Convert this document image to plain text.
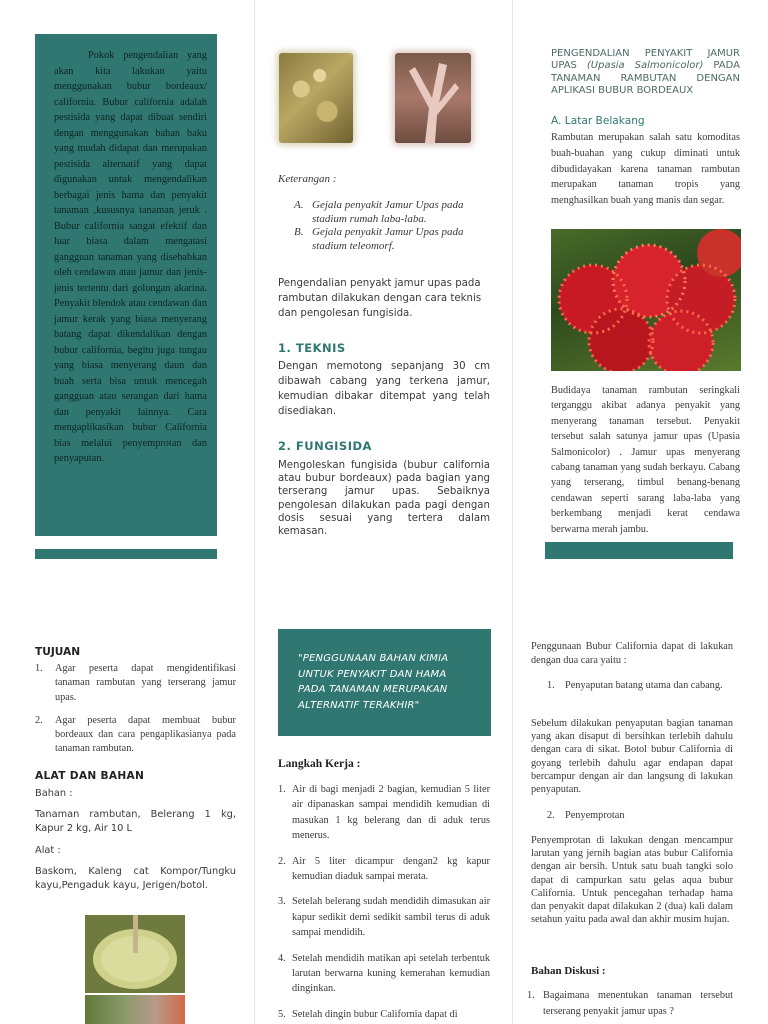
Pokok pengendalian yang akan kita lakukan yaitu menggunakan bubur bordeaux/ california. Bubur california adalah pestisida yang dapat dibuat sendiri dengan menggunakan bahan baku yang mudah didapat dan merupakan pestisida alternatif yang dapat digunakan untuk mengendalikan berbagai jenis hama dan penyakit tanaman ,kususnya tanaman jeruk . Bubur california sangat efektif dan luar biasa dalam mengatasi gangguan tanaman yang disebabkan oleh cendawan atau jamur dan jenis-jenis tertentu dari golongan akarina. Penyakit blendok atau cendawan dan jamur kerak yang biasa menyerang batang dapat dikendalikan dengan bubur california, begitu juga tungau yang biasa menyerang daun dan buah serta bisa untuk mencegah gangguan atau serangan dari hama dan penyakit lainnya. Cara mengaplikasikan bubur California bias melalui penyemprotan dan penyaputan.

Keterangan :
A. Gejala penyakit Jamur Upas pada stadium rumah laba-laba.
B. Gejala penyakit Jamur Upas pada stadium teleomorf.

Pengendalian penyakt jamur upas pada rambutan dilakukan dengan cara teknis dan pengolesan fungisida.

1. TEKNIS

Dengan memotong sepanjang 30 cm dibawah cabang yang terkena jamur, kemudian dibakar ditempat yang telah disediakan.

2. FUNGISIDA

Mengoleskan fungisida (bubur california atau bubur bordeaux) pada bagian yang terserang jamur upas. Sebaiknya pengolesan dilakukan pada pagi dengan dosis sesuai yang tertera dalam kemasan.

PENGENDALIAN PENYAKIT JAMUR UPAS (Upasia Salmonicolor) PADA TANAMAN RAMBUTAN DENGAN APLIKASI BUBUR BORDEAUX
A. Latar Belakang

Rambutan merupakan salah satu komoditas buah-buahan yang cukup diminati untuk dibudidayakan karena tanaman rambutan merupakan tanaman tropis yang menghasilkan buah yang manis dan segar.

Budidaya tanaman rambutan seringkali terganggu akibat adanya penyakit yang menyerang tanaman tersebut. Penyakit tersebut salah satunya jamur upas (Upasia Salmonicolor) . Jamur upas menyerang cabang tanaman yang sudah berkayu. Cabang yang terserang, timbul benang-benang cendawan seperti sarang laba-laba yang berkembang menjadi kerat cendawa berwarna merah jambu.

TUJUAN
1.	Agar peserta dapat mengidentifikasi tanaman rambutan yang terserang jamur upas.
2.	Agar peserta dapat membuat bubur bordeaux dan cara pengaplikasianya pada tanaman rambutan.
ALAT DAN BAHAN
Bahan :

Tanaman rambutan, Belerang 1 kg, Kapur 2 kg, Air 10 L

Alat :

Baskom, Kaleng cat Kompor/Tungku kayu,Pengaduk kayu, Jerigen/botol.

"PENGGUNAAN BAHAN KIMIA UNTUK PENYAKIT DAN HAMA PADA TANAMAN MERUPAKAN ALTERNATIF TERAKHIR"

Langkah Kerja :
1. Air di bagi menjadi 2 bagian, kemudian 5 liter air dipanaskan sampai mendidih kemudian di masukan 1 kg belerang dan di aduk terus menerus.
2. Air 5 liter dicampur dengan2 kg kapur kemudian diaduk sampai merata.
3. Setelah belerang sudah mendidih dimasukan air kapur sedikit demi sedikit sambil terus di aduk sampai mendidih.
4. Setelah mendidih matikan api setelah terbentuk larutan berwarna kuning kemerahan kemudian dinginkan.
5. Setelah dingin bubur California dapat di

Penggunaan Bubur California dapat di lakukan dengan dua cara yaitu :

1. Penyaputan batang utama dan cabang.

Sebelum dilakukan penyaputan bagian tanaman yang akan disaput di bersihkan terlebih dahulu dengan cara di sikat. Botol bubur California di goyang terlebih dahulu agar endapan dapat bercampur dengan air dan langsung di lakukan penyaputan.

2. Penyemprotan

Penyemprotan di lakukan dengan mencampur larutan yang jernih bagian atas bubur California dengan air bersih. Untuk satu buah tangki solo dapat di campurkan satu gelas aqua bubur California. Untuk pencegahan terhadap hama dan penyakit dapat dilakukan 2 (dua) kali dalam setahun yaitu pada awal dan akhir musim hujan.

Bahan Diskusi :
1. Bagaimana menentukan tanaman tersebut terserang penyakit jamur upas ?
